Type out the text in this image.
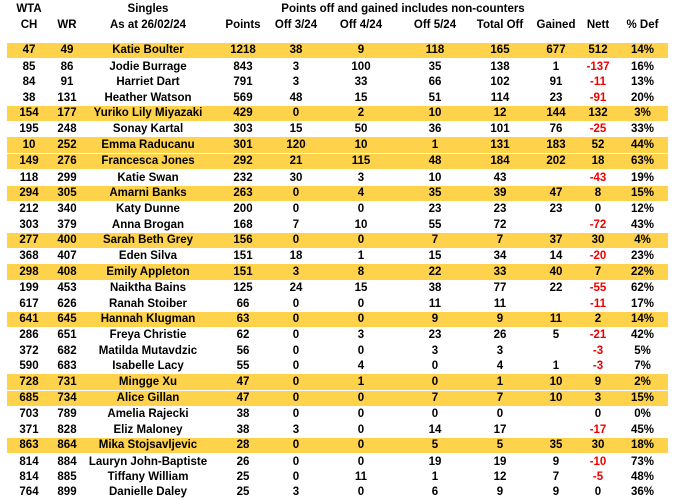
WTA		Singles		Points off and gained includes non-counters						
CH	WR	As at 26/02/24	Points	Off 3/24	Off 4/24	Off 5/24	Total Off	Gained	Nett	% Def

47	49	Katie Boulter	1218	38	9	118	165	677	512	14%
85	86	Jodie Burrage	843	3	100	35	138	1	-137	16%
84	91	Harriet Dart	791	3	33	66	102	91	-11	13%
38	131	Heather Watson	569	48	15	51	114	23	-91	20%
154	177	Yuriko Lily Miyazaki	429	0	2	10	12	144	132	3%
195	248	Sonay Kartal	303	15	50	36	101	76	-25	33%
10	252	Emma Raducanu	301	120	10	1	131	183	52	44%
149	276	Francesca Jones	292	21	115	48	184	202	18	63%
118	299	Katie Swan	232	30	3	10	43		-43	19%
294	305	Amarni Banks	263	0	4	35	39	47	8	15%
212	340	Katy Dunne	200	0	0	23	23	23	0	12%
303	379	Anna Brogan	168	7	10	55	72		-72	43%
277	400	Sarah Beth Grey	156	0	0	7	7	37	30	4%
368	407	Eden Silva	151	18	1	15	34	14	-20	23%
298	408	Emily Appleton	151	3	8	22	33	40	7	22%
199	453	Naiktha Bains	125	24	15	38	77	22	-55	62%
617	626	Ranah Stoiber	66	0	0	11	11		-11	17%
641	645	Hannah Klugman	63	0	0	9	9	11	2	14%
286	651	Freya Christie	62	0	3	23	26	5	-21	42%
372	682	Matilda Mutavdzic	56	0	0	3	3		-3	5%
590	683	Isabelle Lacy	55	0	4	0	4	1	-3	7%
728	731	Mingge Xu	47	0	1	0	1	10	9	2%
685	734	Alice Gillan	47	0	0	7	7	10	3	15%
703	789	Amelia Rajecki	38	0	0	0	0		0	0%
371	828	Eliz Maloney	38	3	0	14	17		-17	45%
863	864	Mika Stojsavljevic	28	0	0	5	5	35	30	18%
814	884	Lauryn John-Baptiste	26	0	0	19	19	9	-10	73%
814	885	Tiffany William	25	0	11	1	12	7	-5	48%
764	899	Danielle Daley	25	3	0	6	9	9	0	36%
